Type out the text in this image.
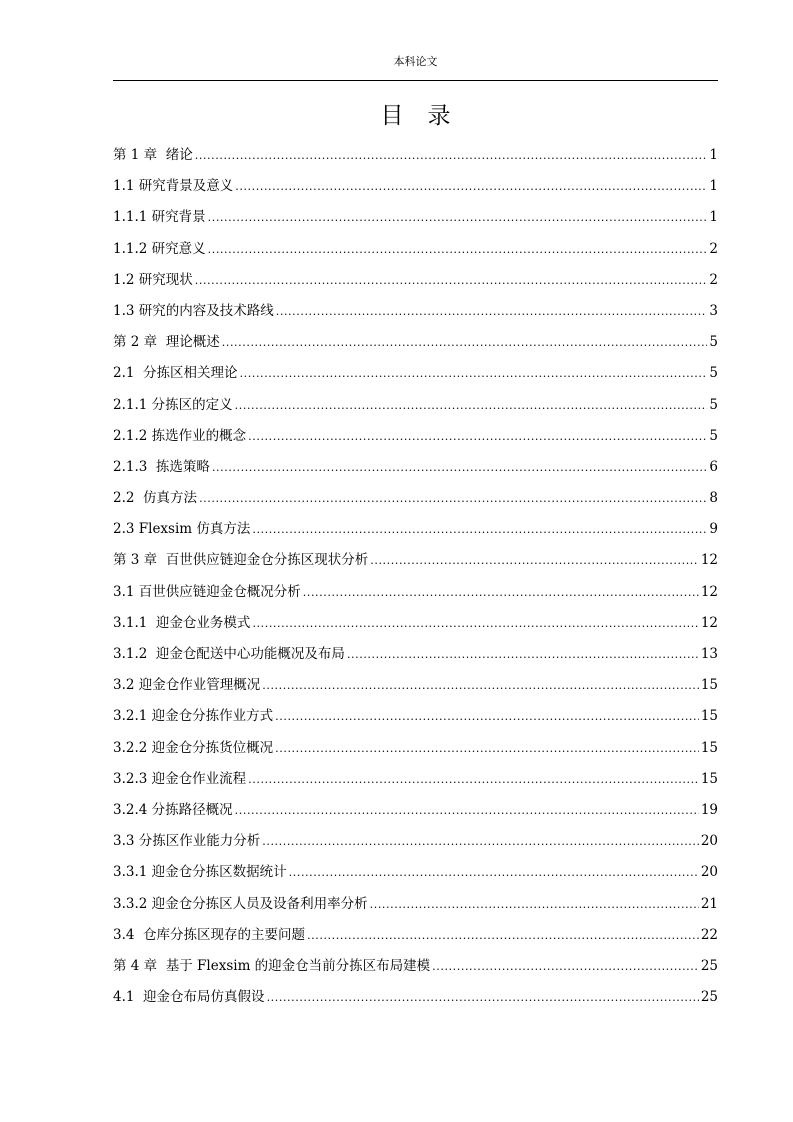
本科论文
目录
第 1 章  绪论 .....	1
1.1 研究背景及意义 .....	1
1.1.1 研究背景 .....	1
1.1.2 研究意义 .....	2
1.2 研究现状 .....	2
1.3 研究的内容及技术路线 .....	3
第 2 章  理论概述 .....	5
2.1  分拣区相关理论 .....	5
2.1.1 分拣区的定义 .....	5
2.1.2 拣选作业的概念 .....	5
2.1.3  拣选策略 .....	6
2.2  仿真方法 .....	8
2.3 Flexsim 仿真方法 .....	9
第 3 章  百世供应链迎金仓分拣区现状分析 .....	12
3.1 百世供应链迎金仓概况分析 .....	12
3.1.1  迎金仓业务模式 .....	12
3.1.2  迎金仓配送中心功能概况及布局 .....	13
3.2 迎金仓作业管理概况 .....	15
3.2.1 迎金仓分拣作业方式 .....	15
3.2.2 迎金仓分拣货位概况 .....	15
3.2.3 迎金仓作业流程 .....	15
3.2.4 分拣路径概况 .....	19
3.3 分拣区作业能力分析 .....	20
3.3.1 迎金仓分拣区数据统计 .....	20
3.3.2 迎金仓分拣区人员及设备利用率分析 .....	21
3.4  仓库分拣区现存的主要问题 .....	22
第 4 章  基于 Flexsim 的迎金仓当前分拣区布局建模 .....	25
4.1  迎金仓布局仿真假设 .....	25
